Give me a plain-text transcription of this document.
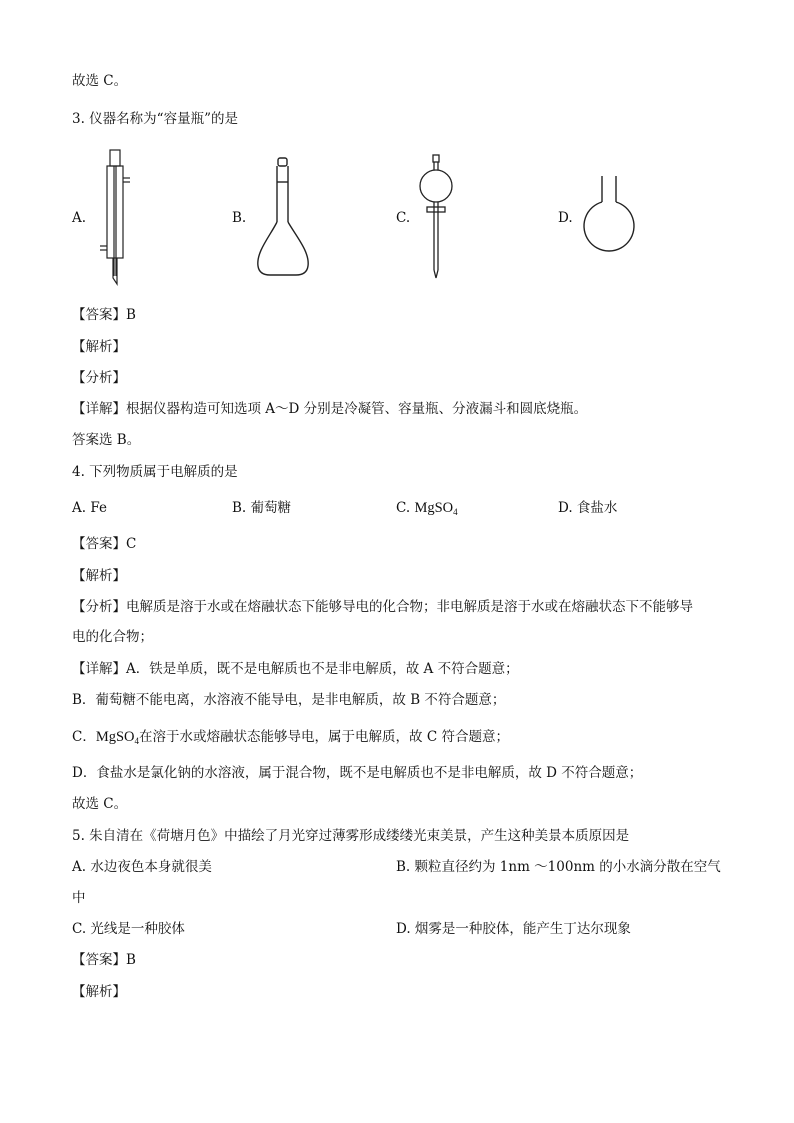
故选 C。
3. 仪器名称为“容量瓶”的是
A.	B.	C.	D.
【答案】B
【解析】
【分析】
【详解】根据仪器构造可知选项 A～D 分别是冷凝管、容量瓶、分液漏斗和圆底烧瓶。
答案选 B。
4. 下列物质属于电解质的是
A. Fe	B. 葡萄糖	C. MgSO$_4$	D. 食盐水
【答案】C
【解析】
【分析】电解质是溶于水或在熔融状态下能够导电的化合物；非电解质是溶于水或在熔融状态下不能够导
电的化合物；
【详解】A．铁是单质，既不是电解质也不是非电解质，故 A 不符合题意；
B．葡萄糖不能电离，水溶液不能导电，是非电解质，故 B 不符合题意；
C．MgSO$_4$在溶于水或熔融状态能够导电，属于电解质，故 C 符合题意；
D．食盐水是氯化钠的水溶液，属于混合物，既不是电解质也不是非电解质，故 D 不符合题意；
故选 C。
5. 朱自清在《荷塘月色》中描绘了月光穿过薄雾形成缕缕光束美景，产生这种美景本质原因是
A. 水边夜色本身就很美	B. 颗粒直径约为 1nm ～100nm 的小水滴分散在空气
中
C. 光线是一种胶体	D. 烟雾是一种胶体，能产生丁达尔现象
【答案】B
【解析】
